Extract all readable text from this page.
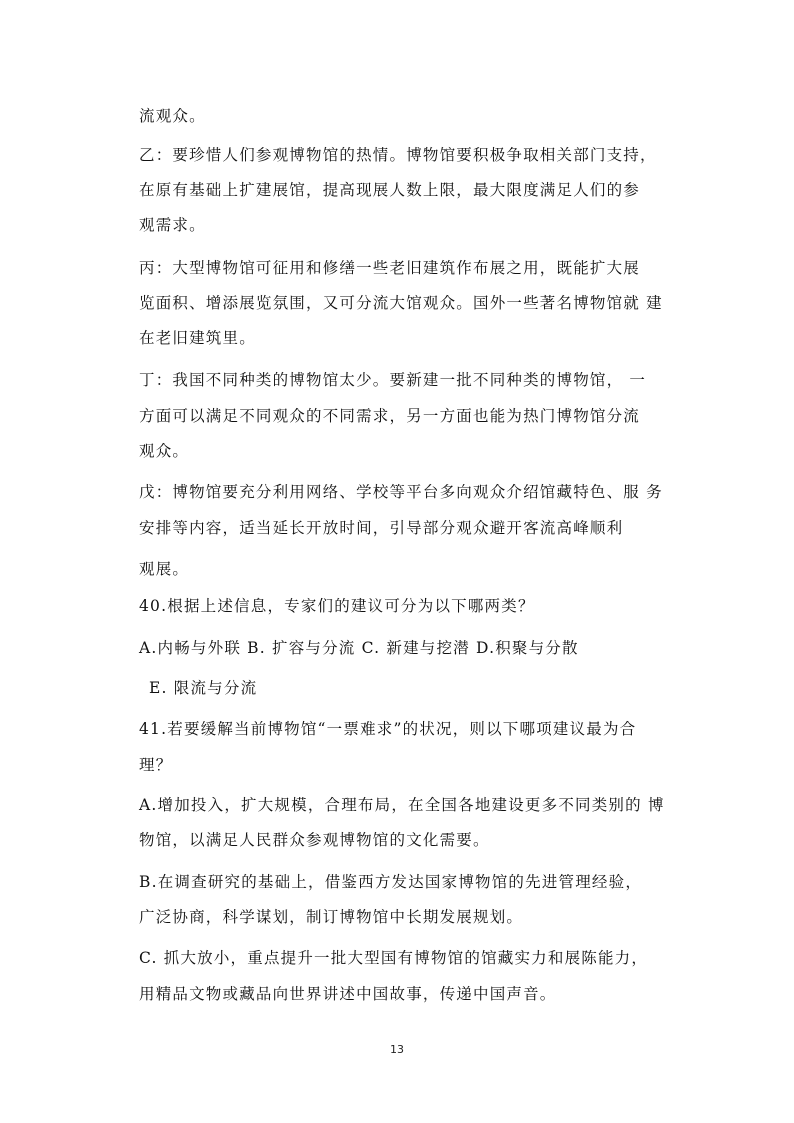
流观众。
乙：要珍惜人们参观博物馆的热情。博物馆要积极争取相关部门支持，
在原有基础上扩建展馆，提高现展人数上限，最大限度满足人们的参
观需求。
丙：大型博物馆可征用和修缮一些老旧建筑作布展之用，既能扩大展
览面积、增添展览氛围，又可分流大馆观众。国外一些著名博物馆就 建
在老旧建筑里。
丁：我国不同种类的博物馆太少。要新建一批不同种类的博物馆， 一
方面可以满足不同观众的不同需求，另一方面也能为热门博物馆分流
观众。
戊：博物馆要充分利用网络、学校等平台多向观众介绍馆藏特色、服 务
安排等内容，适当延长开放时间，引导部分观众避开客流高峰顺利
观展。
40.根据上述信息，专家们的建议可分为以下哪两类？
A.内畅与外联 B. 扩容与分流 C. 新建与挖潜 D.积聚与分散
E. 限流与分流
41.若要缓解当前博物馆“一票难求”的状况，则以下哪项建议最为合
理？
A.增加投入，扩大规模，合理布局，在全国各地建设更多不同类别的 博
物馆，以满足人民群众参观博物馆的文化需要。
B.在调查研究的基础上，借鉴西方发达国家博物馆的先进管理经验，
广泛协商，科学谋划，制订博物馆中长期发展规划。
C. 抓大放小，重点提升一批大型国有博物馆的馆藏实力和展陈能力，
用精品文物或藏品向世界讲述中国故事，传递中国声音。
13
